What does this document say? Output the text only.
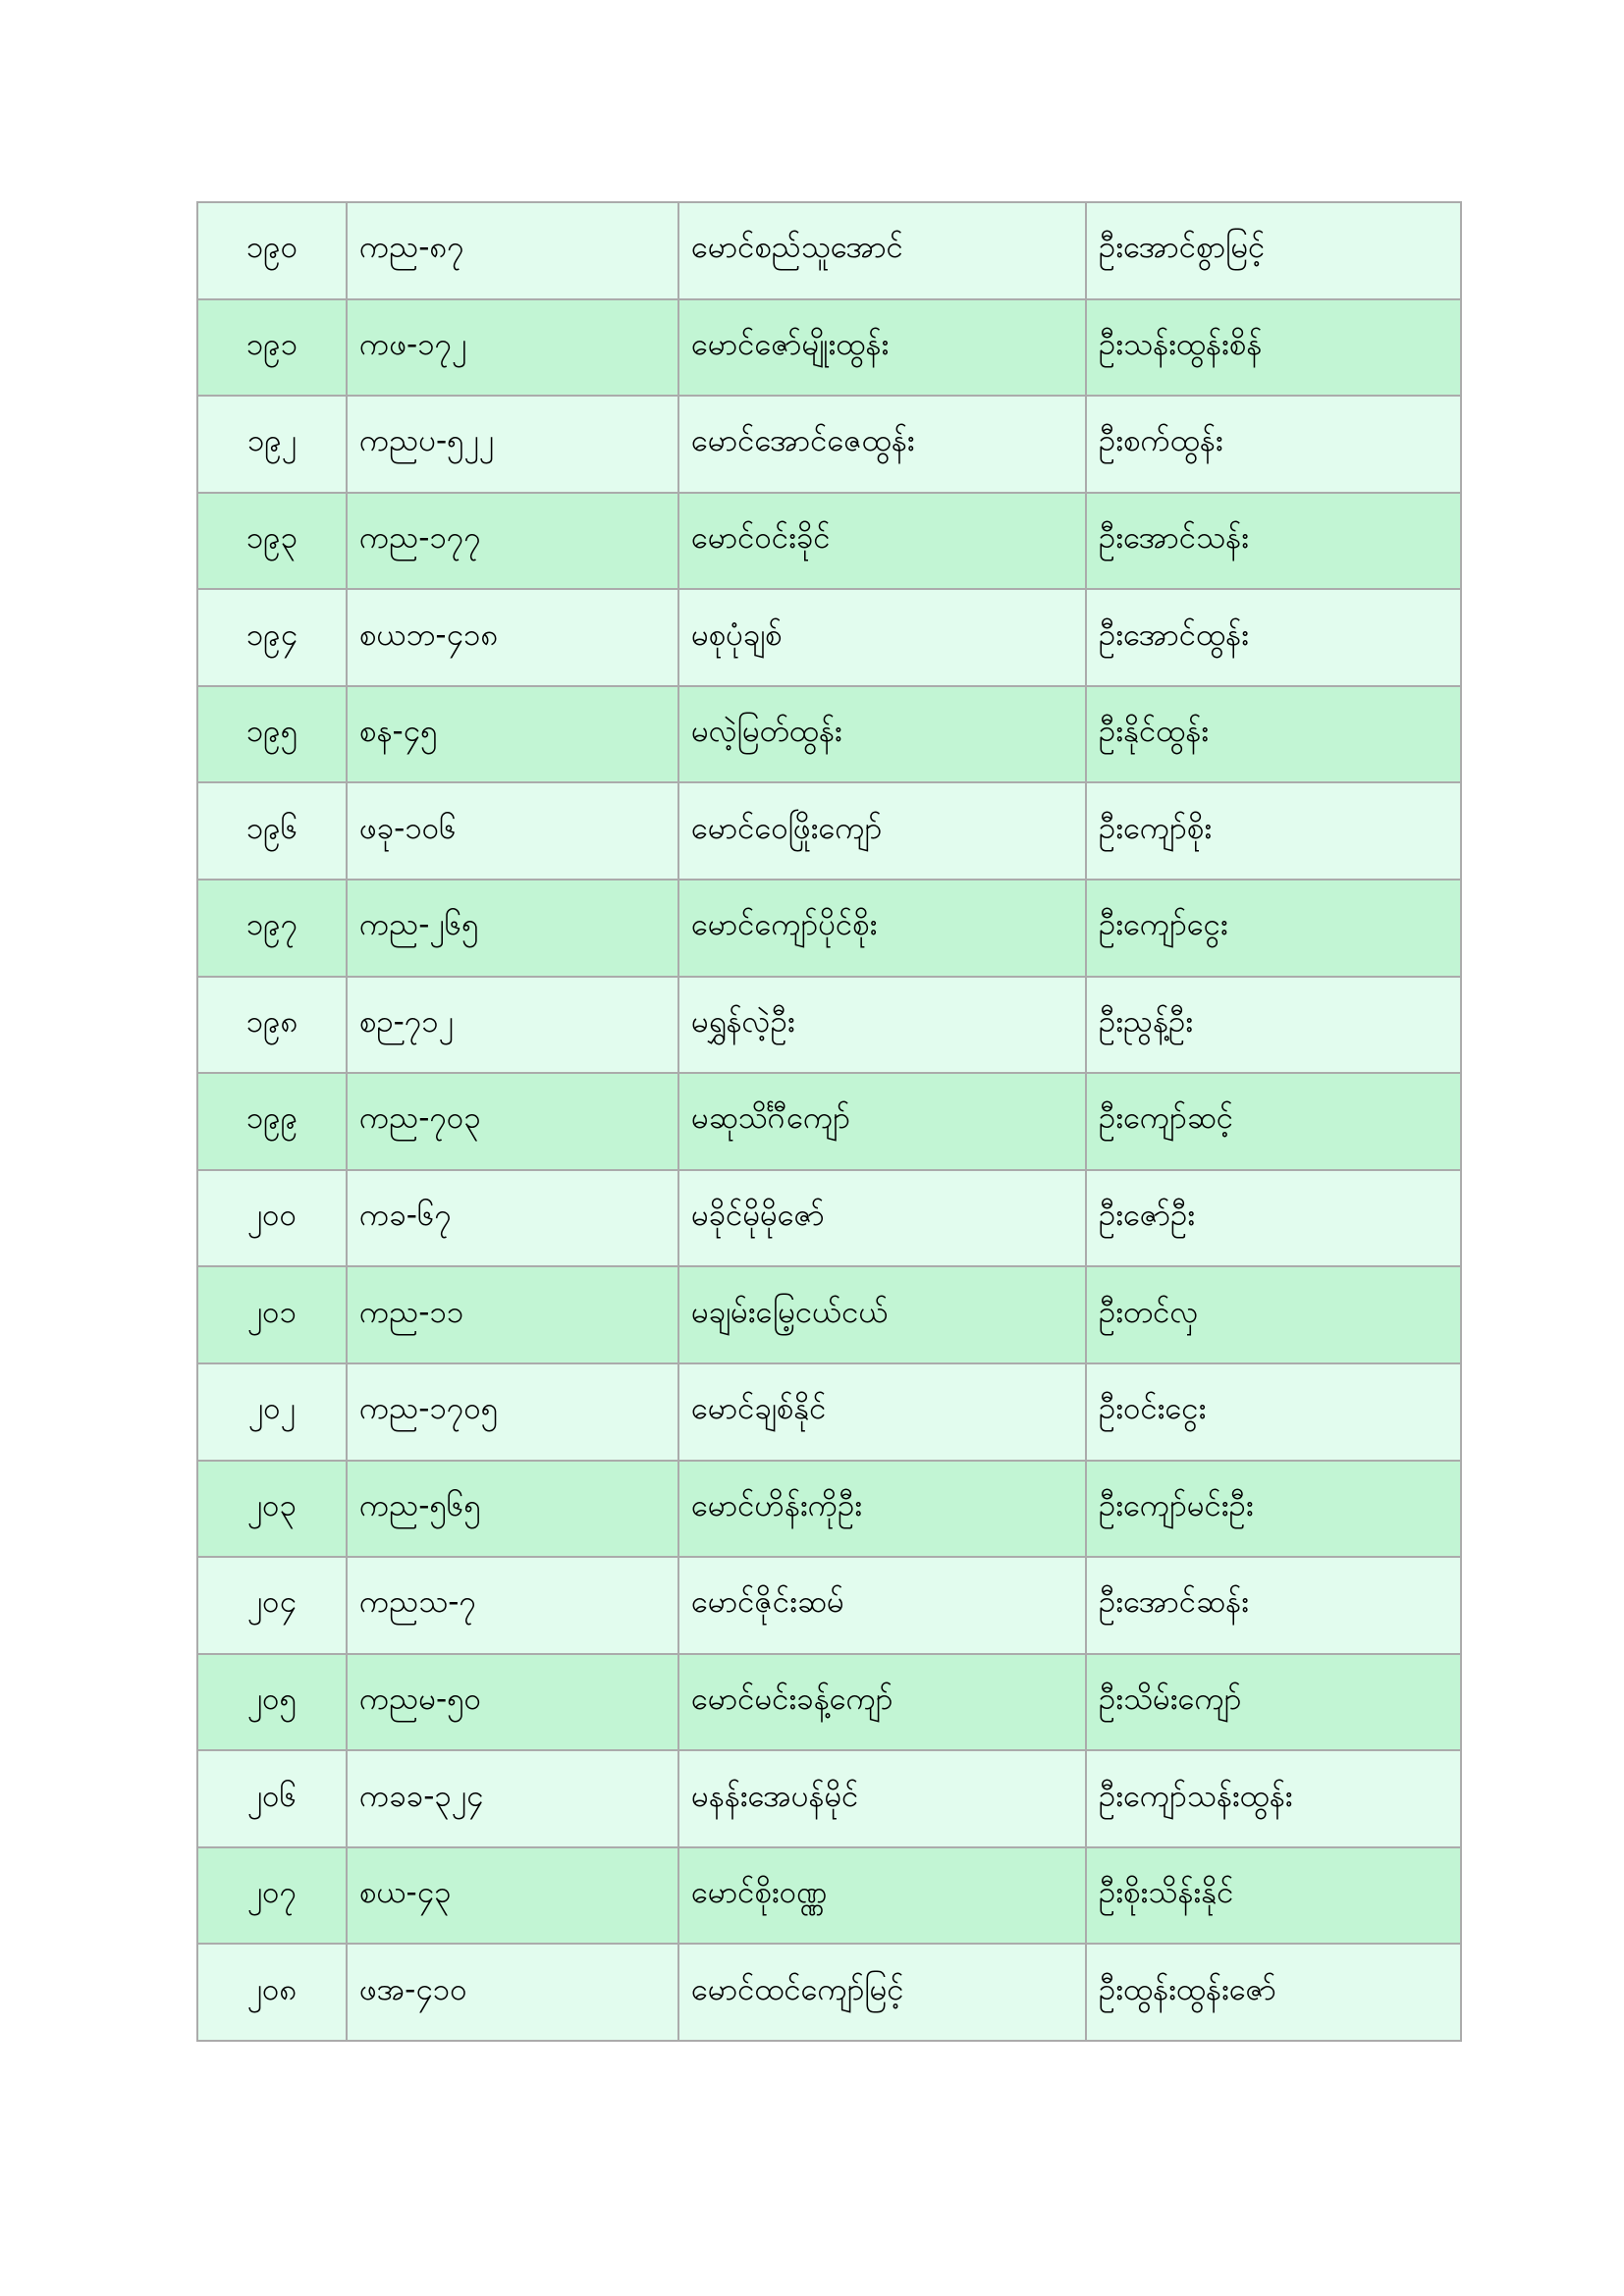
၁၉၀	ကည-၈၇	မောင်စည်သူအောင်	ဦးအောင်စွာမြင့်
၁၉၁	ကဖ-၁၇၂	မောင်ဇော်မျိုးထွန်း	ဦးသန်းထွန်းစိန်
၁၉၂	ကညပ-၅၂၂	မောင်အောင်ဇေထွန်း	ဦးစက်ထွန်း
၁၉၃	ကည-၁၇၇	မောင်ဝင်းခိုင်	ဦးအောင်သန်း
၁၉၄	စယဘ-၄၁၈	မစုပုံချစ်	ဦးအောင်ထွန်း
၁၉၅	စန-၄၅	မလဲ့မြတ်ထွန်း	ဦးနိုင်ထွန်း
၁၉၆	ဖခု-၁၀၆	မောင်ဝေဖြိုးကျော်	ဦးကျော်စိုး
၁၉၇	ကည-၂၆၅	မောင်ကျော်ပိုင်စိုး	ဦးကျော်ငွေး
၁၉၈	စဉ-၇၁၂	မရွှန်လဲ့ဦး	ဦးညွန့်ဦး
၁၉၉	ကည-၇၀၃	မဆုသိင်္ဂီကျော်	ဦးကျော်ဆင့်
၂၀၀	ကခ-၆၇	မခိုင်မိုမိုဇော်	ဦးဇော်ဦး
၂၀၁	ကည-၁၁	မချမ်းမြေ့ငယ်ငယ်	ဦးတင်လှ
၂၀၂	ကည-၁၇၀၅	မောင်ချစ်နိုင်	ဦးဝင်းငွေး
၂၀၃	ကည-၅၆၅	မောင်ဟိန်းကိုဦး	ဦးကျော်မင်းဦး
၂၀၄	ကညသ-၇	မောင်ဇိုင်းဆမ်	ဦးအောင်ဆန်း
၂၀၅	ကညမ-၅၀	မောင်မင်းခန့်ကျော်	ဦးသိမ်းကျော်
၂၀၆	ကခခ-၃၂၄	မနန်းအေပန်မိုင်	ဦးကျော်သန်းထွန်း
၂၀၇	စယ-၄၃	မောင်စိုးဝဏ္ဏ	ဦးစိုးသိန်းနိုင်
၂၀၈	ဖအ-၄၁၀	မောင်ထင်ကျော်မြင့်	ဦးထွန်းထွန်းဇော်
